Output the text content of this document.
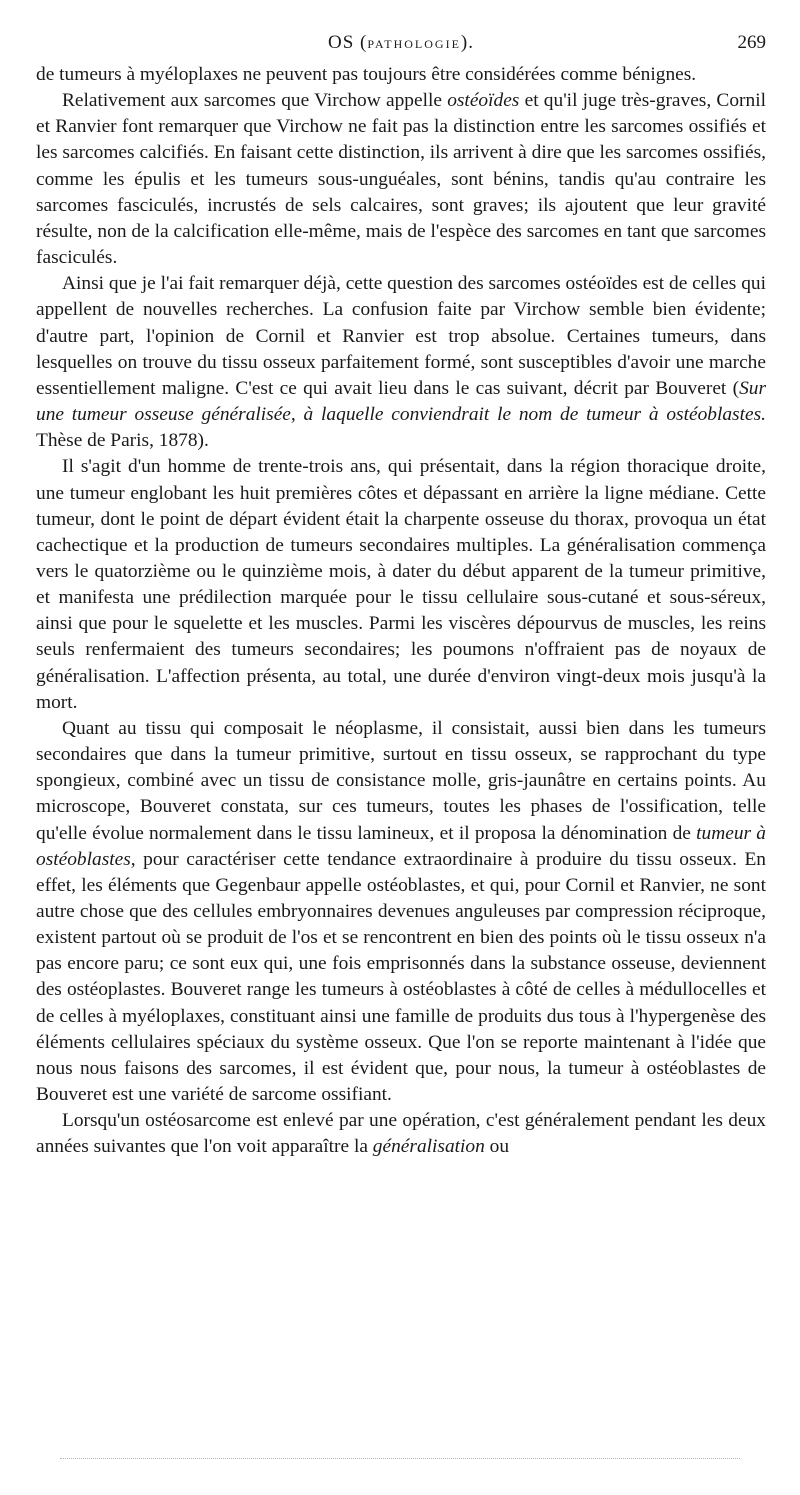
OS (PATHOLOGIE).	269

de tumeurs à myéloplaxes ne peuvent pas toujours être considérées comme bénignes.

Relativement aux sarcomes que Virchow appelle ostéoïdes et qu'il juge très-graves, Cornil et Ranvier font remarquer que Virchow ne fait pas la distinction entre les sarcomes ossifiés et les sarcomes calcifiés. En faisant cette distinction, ils arrivent à dire que les sarcomes ossifiés, comme les épulis et les tumeurs sous-unguéales, sont bénins, tandis qu'au contraire les sarcomes fasciculés, incrustés de sels calcaires, sont graves; ils ajoutent que leur gravité résulte, non de la calcification elle-même, mais de l'espèce des sarcomes en tant que sarcomes fasciculés.

Ainsi que je l'ai fait remarquer déjà, cette question des sarcomes ostéoïdes est de celles qui appellent de nouvelles recherches. La confusion faite par Virchow semble bien évidente; d'autre part, l'opinion de Cornil et Ranvier est trop absolue. Certaines tumeurs, dans lesquelles on trouve du tissu osseux parfaitement formé, sont susceptibles d'avoir une marche essentiellement maligne. C'est ce qui avait lieu dans le cas suivant, décrit par Bouveret (Sur une tumeur osseuse généralisée, à laquelle conviendrait le nom de tumeur à ostéoblastes. Thèse de Paris, 1878).

Il s'agit d'un homme de trente-trois ans, qui présentait, dans la région thoracique droite, une tumeur englobant les huit premières côtes et dépassant en arrière la ligne médiane. Cette tumeur, dont le point de départ évident était la charpente osseuse du thorax, provoqua un état cachectique et la production de tumeurs secondaires multiples. La généralisation commença vers le quatorzième ou le quinzième mois, à dater du début apparent de la tumeur primitive, et manifesta une prédilection marquée pour le tissu cellulaire sous-cutané et sous-séreux, ainsi que pour le squelette et les muscles. Parmi les viscères dépourvus de muscles, les reins seuls renfermaient des tumeurs secondaires; les poumons n'offraient pas de noyaux de généralisation. L'affection présenta, au total, une durée d'environ vingt-deux mois jusqu'à la mort.

Quant au tissu qui composait le néoplasme, il consistait, aussi bien dans les tumeurs secondaires que dans la tumeur primitive, surtout en tissu osseux, se rapprochant du type spongieux, combiné avec un tissu de consistance molle, gris-jaunâtre en certains points. Au microscope, Bouveret constata, sur ces tumeurs, toutes les phases de l'ossification, telle qu'elle évolue normalement dans le tissu lamineux, et il proposa la dénomination de tumeur à ostéoblastes, pour caractériser cette tendance extraordinaire à produire du tissu osseux. En effet, les éléments que Gegenbaur appelle ostéoblastes, et qui, pour Cornil et Ranvier, ne sont autre chose que des cellules embryonnaires devenues anguleuses par compression réciproque, existent partout où se produit de l'os et se rencontrent en bien des points où le tissu osseux n'a pas encore paru; ce sont eux qui, une fois emprisonnés dans la substance osseuse, deviennent des ostéoplastes. Bouveret range les tumeurs à ostéoblastes à côté de celles à médullocelles et de celles à myéloplaxes, constituant ainsi une famille de produits dus tous à l'hypergenèse des éléments cellulaires spéciaux du système osseux. Que l'on se reporte maintenant à l'idée que nous nous faisons des sarcomes, il est évident que, pour nous, la tumeur à ostéoblastes de Bouveret est une variété de sarcome ossifiant.

Lorsqu'un ostéosarcome est enlevé par une opération, c'est généralement pendant les deux années suivantes que l'on voit apparaître la généralisation ou
